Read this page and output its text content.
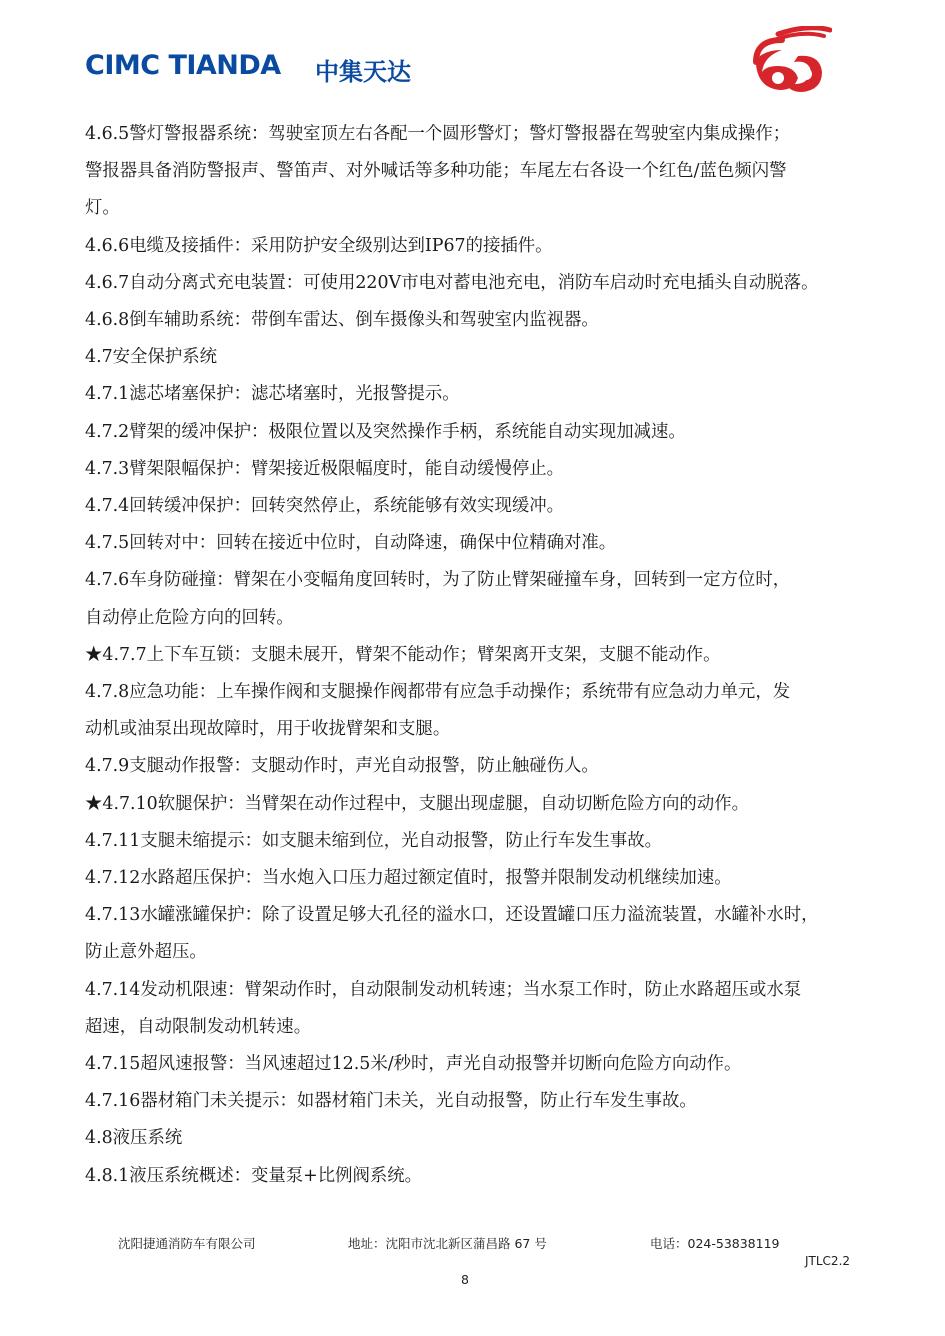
CIMC TIANDA 中集天达

4.6.5警灯警报器系统：驾驶室顶左右各配一个圆形警灯；警灯警报器在驾驶室内集成操作；
警报器具备消防警报声、警笛声、对外喊话等多种功能；车尾左右各设一个红色/蓝色频闪警
灯。

4.6.6电缆及接插件：采用防护安全级别达到IP67的接插件。

4.6.7自动分离式充电装置：可使用220V市电对蓄电池充电，消防车启动时充电插头自动脱落。

4.6.8倒车辅助系统：带倒车雷达、倒车摄像头和驾驶室内监视器。

4.7安全保护系统

4.7.1滤芯堵塞保护：滤芯堵塞时，光报警提示。

4.7.2臂架的缓冲保护：极限位置以及突然操作手柄，系统能自动实现加减速。

4.7.3臂架限幅保护：臂架接近极限幅度时，能自动缓慢停止。

4.7.4回转缓冲保护：回转突然停止，系统能够有效实现缓冲。

4.7.5回转对中：回转在接近中位时，自动降速，确保中位精确对准。

4.7.6车身防碰撞：臂架在小变幅角度回转时，为了防止臂架碰撞车身，回转到一定方位时，
自动停止危险方向的回转。

★4.7.7上下车互锁：支腿未展开，臂架不能动作；臂架离开支架，支腿不能动作。

4.7.8应急功能：上车操作阀和支腿操作阀都带有应急手动操作；系统带有应急动力单元，发
动机或油泵出现故障时，用于收拢臂架和支腿。

4.7.9支腿动作报警：支腿动作时，声光自动报警，防止触碰伤人。

★4.7.10软腿保护：当臂架在动作过程中，支腿出现虚腿，自动切断危险方向的动作。

4.7.11支腿未缩提示：如支腿未缩到位，光自动报警，防止行车发生事故。

4.7.12水路超压保护：当水炮入口压力超过额定值时，报警并限制发动机继续加速。

4.7.13水罐涨罐保护：除了设置足够大孔径的溢水口，还设置罐口压力溢流装置，水罐补水时，
防止意外超压。

4.7.14发动机限速：臂架动作时，自动限制发动机转速；当水泵工作时，防止水路超压或水泵
超速，自动限制发动机转速。

4.7.15超风速报警：当风速超过12.5米/秒时，声光自动报警并切断向危险方向动作。

4.7.16器材箱门未关提示：如器材箱门未关，光自动报警，防止行车发生事故。

4.8液压系统

4.8.1液压系统概述：变量泵+比例阀系统。

沈阳捷通消防车有限公司	地址：沈阳市沈北新区蒲昌路 67 号	电话：024-53838119
JTLC2.2
8
